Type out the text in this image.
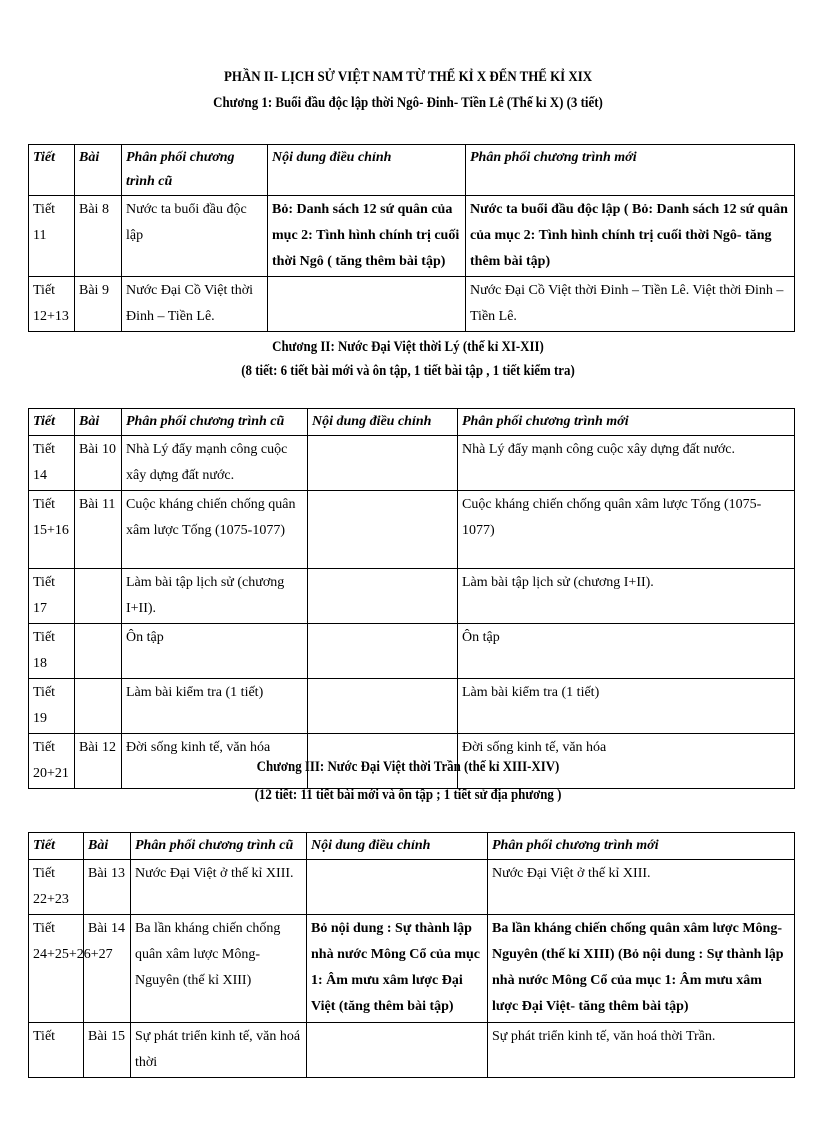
PHẦN II- LỊCH SỬ VIỆT NAM TỪ THẾ KỈ X ĐẾN THẾ KỈ XIX
Chương 1: Buổi đầu độc lập thời Ngô- Đinh- Tiền Lê (Thế kỉ X) (3 tiết)
Tiết	Bài	Phân phối chương trình cũ	Nội dung điều chỉnh	Phân phối chương trình mới
Tiết 11	Bài 8	Nước ta buổi đầu độc lập	Bỏ: Danh sách 12 sứ quân của mục 2: Tình hình chính trị cuối thời Ngô ( tăng thêm bài tập)	Nước ta buổi đầu độc lập ( Bỏ: Danh sách 12 sứ quân của mục 2: Tình hình chính trị cuối thời Ngô- tăng thêm bài tập)
Tiết 12+13	Bài 9	Nước Đại Cồ Việt thời Đinh – Tiền Lê.		Nước Đại Cồ Việt thời Đinh – Tiền Lê. Việt thời Đinh – Tiền Lê.
Chương II: Nước Đại Việt thời Lý (thế kỉ XI-XII)
(8 tiết: 6 tiết bài mới và ôn tập, 1 tiết bài tập , 1 tiết kiểm tra)
Tiết	Bài	Phân phối chương trình cũ	Nội dung điều chỉnh	Phân phối chương trình mới
Tiết 14	Bài 10	Nhà Lý đẩy mạnh công cuộc xây dựng đất nước.		Nhà Lý đẩy mạnh công cuộc xây dựng đất nước.
Tiết 15+16	Bài 11	Cuộc kháng chiến chống quân xâm lược Tống (1075-1077)		Cuộc kháng chiến chống quân xâm lược Tống (1075-1077)
Tiết 17		Làm bài tập lịch sử (chương I+II).		Làm bài tập lịch sử (chương I+II).
Tiết 18		Ôn tập		Ôn tập
Tiết 19		Làm bài kiểm tra (1 tiết)		Làm bài kiểm tra (1 tiết)
Tiết 20+21	Bài 12	Đời sống kinh tế, văn hóa		Đời sống kinh tế, văn hóa
Chương III: Nước Đại Việt thời Trần (thế kỉ XIII-XIV)
(12 tiết: 11 tiết bài mới và ôn tập ; 1 tiết sử địa phương )
Tiết	Bài	Phân phối chương trình cũ	Nội dung điều chỉnh	Phân phối chương trình mới
Tiết 22+23	Bài 13	Nước Đại Việt ở thế kỉ XIII.		Nước Đại Việt ở thế kỉ XIII.
Tiết 24+25+26+27	Bài 14	Ba lần kháng chiến chống quân xâm lược Mông- Nguyên (thế kỉ XIII)	Bỏ nội dung : Sự thành lập nhà nước Mông Cổ của mục 1: Âm mưu xâm lược Đại Việt (tăng thêm bài tập)	Ba lần kháng chiến chống quân xâm lược Mông- Nguyên (thế kỉ XIII) (Bỏ nội dung : Sự thành lập nhà nước Mông Cổ của mục 1: Âm mưu xâm lược Đại Việt- tăng thêm bài tập)
Tiết	Bài 15	Sự phát triển kinh tế, văn hoá thời		Sự phát triển kinh tế, văn hoá thời Trần.
